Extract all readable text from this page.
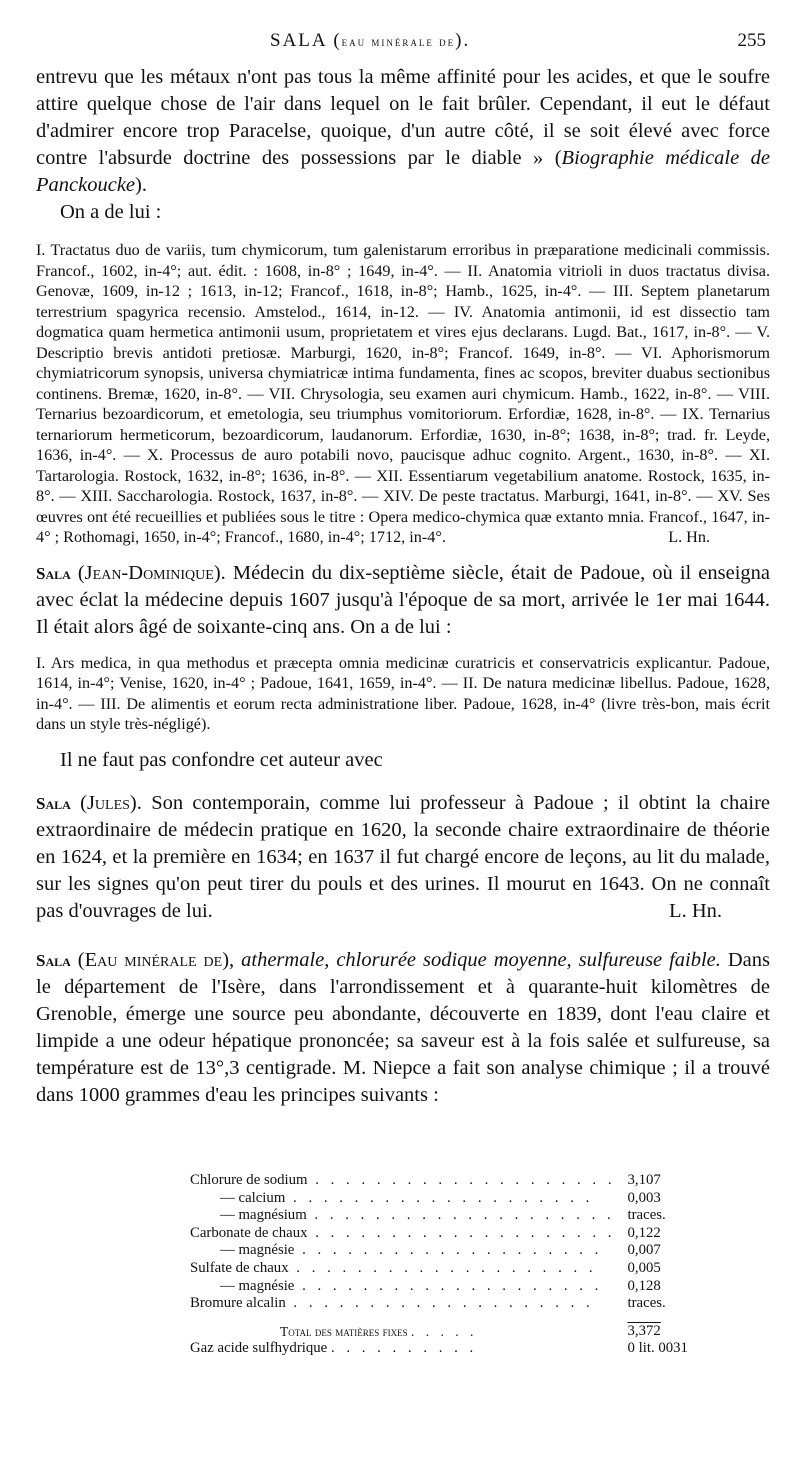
SALA (eau minérale de).	255

entrevu que les métaux n'ont pas tous la même affinité pour les acides, et que le soufre attire quelque chose de l'air dans lequel on le fait brûler. Cependant, il eut le défaut d'admirer encore trop Paracelse, quoique, d'un autre côté, il se soit élevé avec force contre l'absurde doctrine des possessions par le diable » (Biographie médicale de Panckoucke).

On a de lui :

I. Tractatus duo de variis, tum chymicorum, tum galenistarum erroribus in præparatione medicinali commissis. Francof., 1602, in-4°; aut. édit. : 1608, in-8° ; 1649, in-4°. — II. Anatomia vitrioli in duos tractatus divisa. Genovæ, 1609, in-12 ; 1613, in-12; Francof., 1618, in-8°; Hamb., 1625, in-4°. — III. Septem planetarum terrestrium spagyrica recensio. Amstelod., 1614, in-12. — IV. Anatomia antimonii, id est dissectio tam dogmatica quam hermetica antimonii usum, proprietatem et vires ejus declarans. Lugd. Bat., 1617, in-8°. — V. Descriptio brevis antidoti pretiosæ. Marburgi, 1620, in-8°; Francof. 1649, in-8°. — VI. Aphorismorum chymiatricorum synopsis, universa chymiatricæ intima fundamenta, fines ac scopos, breviter duabus sectionibus continens. Bremæ, 1620, in-8°. — VII. Chrysologia, seu examen auri chymicum. Hamb., 1622, in-8°. — VIII. Ternarius bezoardicorum, et emetologia, seu triumphus vomitoriorum. Erfordiæ, 1628, in-8°. — IX. Ternarius ternariorum hermeticorum, bezoardicorum, laudanorum. Erfordiæ, 1630, in-8°; 1638, in-8°; trad. fr. Leyde, 1636, in-4°. — X. Processus de auro potabili novo, paucisque adhuc cognito. Argent., 1630, in-8°. — XI. Tartarologia. Rostock, 1632, in-8°; 1636, in-8°. — XII. Essentiarum vegetabilium anatome. Rostock, 1635, in-8°. — XIII. Saccharologia. Rostock, 1637, in-8°. — XIV. De peste tractatus. Marburgi, 1641, in-8°. — XV. Ses œuvres ont été recueillies et publiées sous le titre : Opera medico-chymica quæ extanto mnia. Francof., 1647, in-4° ; Rothomagi, 1650, in-4°; Francof., 1680, in-4°; 1712, in-4°.	L. Hn.

Sala (Jean-Dominique). Médecin du dix-septième siècle, était de Padoue, où il enseigna avec éclat la médecine depuis 1607 jusqu'à l'époque de sa mort, arrivée le 1er mai 1644. Il était alors âgé de soixante-cinq ans. On a de lui :

I. Ars medica, in qua methodus et præcepta omnia medicinæ curatricis et conservatricis explicantur. Padoue, 1614, in-4°; Venise, 1620, in-4° ; Padoue, 1641, 1659, in-4°. — II. De natura medicinæ libellus. Padoue, 1628, in-4°. — III. De alimentis et eorum recta administratione liber. Padoue, 1628, in-4° (livre très-bon, mais écrit dans un style très-négligé).

Il ne faut pas confondre cet auteur avec

Sala (Jules). Son contemporain, comme lui professeur à Padoue ; il obtint la chaire extraordinaire de médecin pratique en 1620, la seconde chaire extraordinaire de théorie en 1624, et la première en 1634; en 1637 il fut chargé encore de leçons, au lit du malade, sur les signes qu'on peut tirer du pouls et des urines. Il mourut en 1643. On ne connaît pas d'ouvrages de lui.	L. Hn.

Sala (Eau minérale de), athermale, chlorurée sodique moyenne, sulfureuse faible. Dans le département de l'Isère, dans l'arrondissement et à quarante-huit kilomètres de Grenoble, émerge une source peu abondante, découverte en 1839, dont l'eau claire et limpide a une odeur hépatique prononcée; sa saveur est à la fois salée et sulfureuse, sa température est de 13°,3 centigrade. M. Niepce a fait son analyse chimique ; il a trouvé dans 1000 grammes d'eau les principes suivants :

Chlorure de sodium . . . . . . . . . . . . . . . . . . . .	3,107
— calcium . . . . . . . . . . . . . . . . . . . .	0,003
— magnésium . . . . . . . . . . . . . . . . . . . .	traces.
Carbonate de chaux . . . . . . . . . . . . . . . . . . . .	0,122
— magnésie . . . . . . . . . . . . . . . . . . . .	0,007
Sulfate de chaux . . . . . . . . . . . . . . . . . . . .	0,005
— magnésie . . . . . . . . . . . . . . . . . . . .	0,128
Bromure alcalin . . . . . . . . . . . . . . . . . . . .	traces.
Total des matières fixes . . . . .	3,372
Gaz acide sulfhydrique . . . . . . . . . .	0 lit. 0031
